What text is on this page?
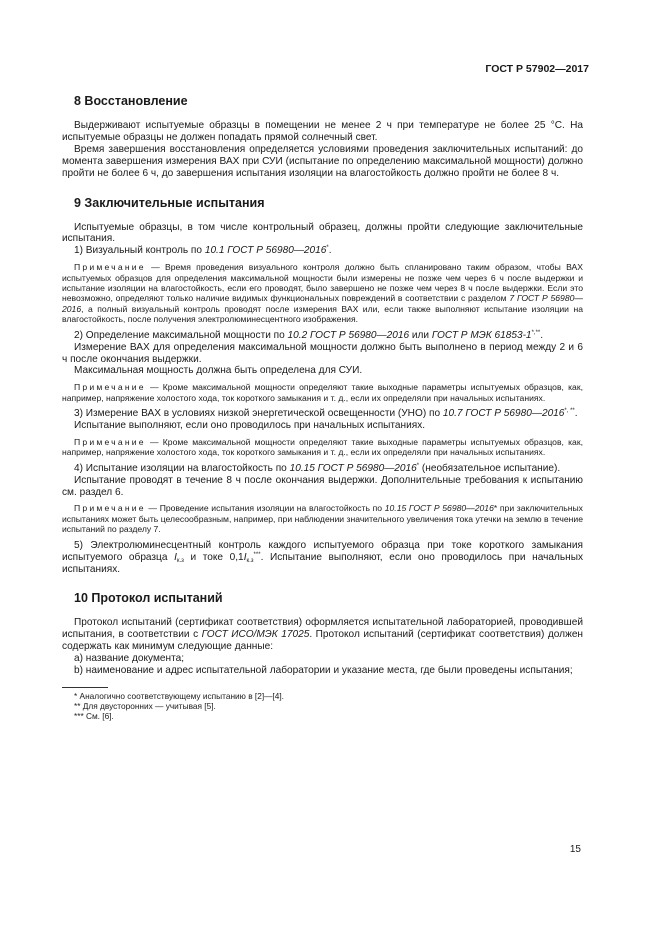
ГОСТ Р 57902—2017
8 Восстановление

Выдерживают испытуемые образцы в помещении не менее 2 ч при температуре не более 25 °С. На испытуемые образцы не должен попадать прямой солнечный свет.

Время завершения восстановления определяется условиями проведения заключительных испытаний: до момента завершения измерения ВАХ при СУИ (испытание по определению максимальной мощности) должно пройти не более 6 ч, до завершения испытания изоляции на влагостойкость должно пройти не более 8 ч.

9 Заключительные испытания

Испытуемые образцы, в том числе контрольный образец, должны пройти следующие заключительные испытания.

1) Визуальный контроль по 10.1 ГОСТ Р 56980—2016*.

Примечание — Время проведения визуального контроля должно быть спланировано таким образом, чтобы ВАХ испытуемых образцов для определения максимальной мощности были измерены не позже чем через 6 ч после выдержки и испытание изоляции на влагостойкость, если его проводят, было завершено не позже чем через 8 ч после выдержки. Если это невозможно, определяют только наличие видимых функциональных повреждений в соответствии с разделом 7 ГОСТ Р 56980—2016, а полный визуальный контроль проводят после измерения ВАХ или, если также выполняют испытание изоляции на влагостойкость, после получения электролюминесцентного изображения.

2) Определение максимальной мощности по 10.2 ГОСТ Р 56980—2016 или ГОСТ Р МЭК 61853-1*,**.

Измерение ВАХ для определения максимальной мощности должно быть выполнено в период между 2 и 6 ч после окончания выдержки.

Максимальная мощность должна быть определена для СУИ.

Примечание — Кроме максимальной мощности определяют такие выходные параметры испытуемых образцов, как, например, напряжение холостого хода, ток короткого замыкания и т. д., если их определяли при начальных испытаниях.

3) Измерение ВАХ в условиях низкой энергетической освещенности (УНО) по 10.7 ГОСТ Р 56980—2016*, **.

Испытание выполняют, если оно проводилось при начальных испытаниях.

Примечание — Кроме максимальной мощности определяют такие выходные параметры испытуемых образцов, как, например, напряжение холостого хода, ток короткого замыкания и т. д., если их определяли при начальных испытаниях.

4) Испытание изоляции на влагостойкость по 10.15 ГОСТ Р 56980—2016* (необязательное испытание).

Испытание проводят в течение 8 ч после окончания выдержки. Дополнительные требования к испытанию см. раздел 6.

Примечание — Проведение испытания изоляции на влагостойкость по 10.15 ГОСТ Р 56980—2016* при заключительных испытаниях может быть целесообразным, например, при наблюдении значительного увеличения тока утечки на землю в течение испытаний по разделу 7.

5) Электролюминесцентный контроль каждого испытуемого образца при токе короткого замыкания испытуемого образца $I_{к.з}$ и токе $0,1I_{к.з}^{***}$. Испытание выполняют, если оно проводилось при начальных испытаниях.

10 Протокол испытаний

Протокол испытаний (сертификат соответствия) оформляется испытательной лабораторией, проводившей испытания, в соответствии с ГОСТ ИСО/МЭК 17025. Протокол испытаний (сертификат соответствия) должен содержать как минимум следующие данные:

а) название документа;

b) наименование и адрес испытательной лаборатории и указание места, где были проведены испытания;

* Аналогично соответствующему испытанию в [2]—[4].

** Для двусторонних — учитывая [5].

*** См. [6].

15
